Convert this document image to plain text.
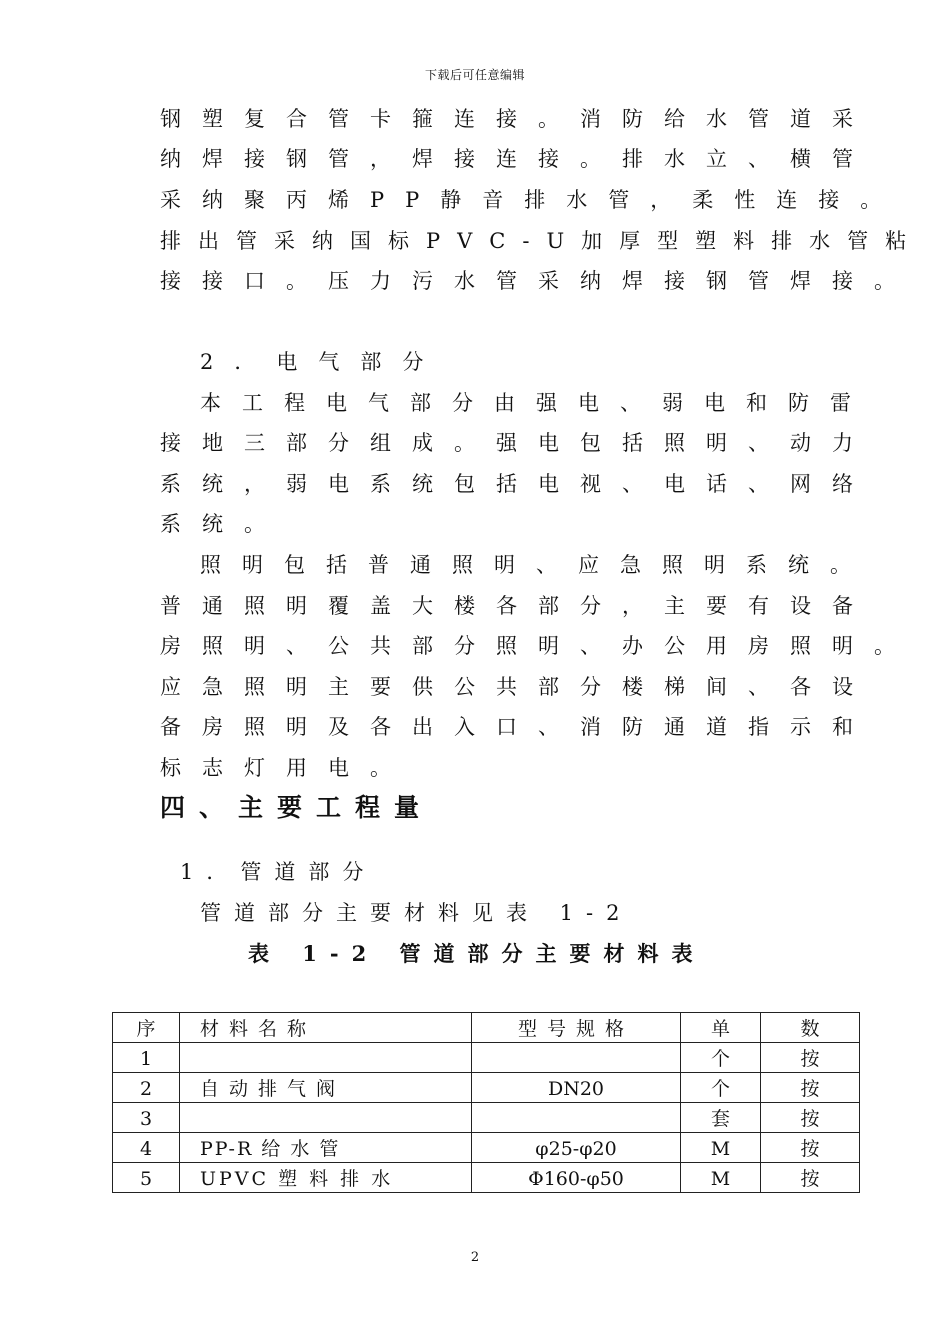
下载后可任意编辑
钢塑复合管卡箍连接。消防给水管道采
纳焊接钢管，焊接连接。排水立、横管
采纳聚丙烯PP静音排水管，柔性连接。
排出管采纳国标PVC-U加厚型塑料排水管粘
接接口。压力污水管采纳焊接钢管焊接。
2．电气部分
本工程电气部分由强电、弱电和防雷
接地三部分组成。强电包括照明、动力
系统，弱电系统包括电视、电话、网络
系统。
照明包括普通照明、应急照明系统。
普通照明覆盖大楼各部分，主要有设备
房照明、公共部分照明、办公用房照明。
应急照明主要供公共部分楼梯间、各设
备房照明及各出入口、消防通道指示和
标志灯用电。
四、主要工程量
1．管道部分
管道部分主要材料见表 1-2
表 1-2 管道部分主要材料表
序	材料名称	型号规格	单	数
1			个	按
2	自动排气阀	DN20	个	按
3			套	按
4	PP-R 给 水 管	φ25-φ20	M	按
5	UPVC 塑 料 排 水	Φ160-φ50	M	按
2
